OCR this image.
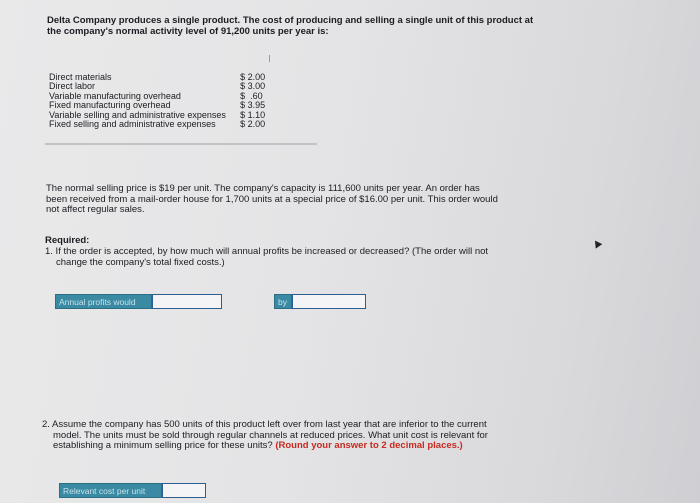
Delta Company produces a single product. The cost of producing and selling a single unit of this product at

the company's normal activity level of 91,200 units per year is:

Direct materials	$ 2.00
Direct labor	$ 3.00
Variable manufacturing overhead	$  .60
Fixed manufacturing overhead	$ 3.95
Variable selling and administrative expenses	$ 1.10
Fixed selling and administrative expenses	$ 2.00

The normal selling price is $19 per unit. The company's capacity is 111,600 units per year. An order has

been received from a mail-order house for 1,700 units at a special price of $16.00 per unit. This order would

not affect regular sales.

Required:

1. If the order is accepted, by how much will annual profits be increased or decreased? (The order will not

change the company's total fixed costs.)

Annual profits would	by

2. Assume the company has 500 units of this product left over from last year that are inferior to the current

model. The units must be sold through regular channels at reduced prices. What unit cost is relevant for

establishing a minimum selling price for these units? (Round your answer to 2 decimal places.)

Relevant cost per unit
